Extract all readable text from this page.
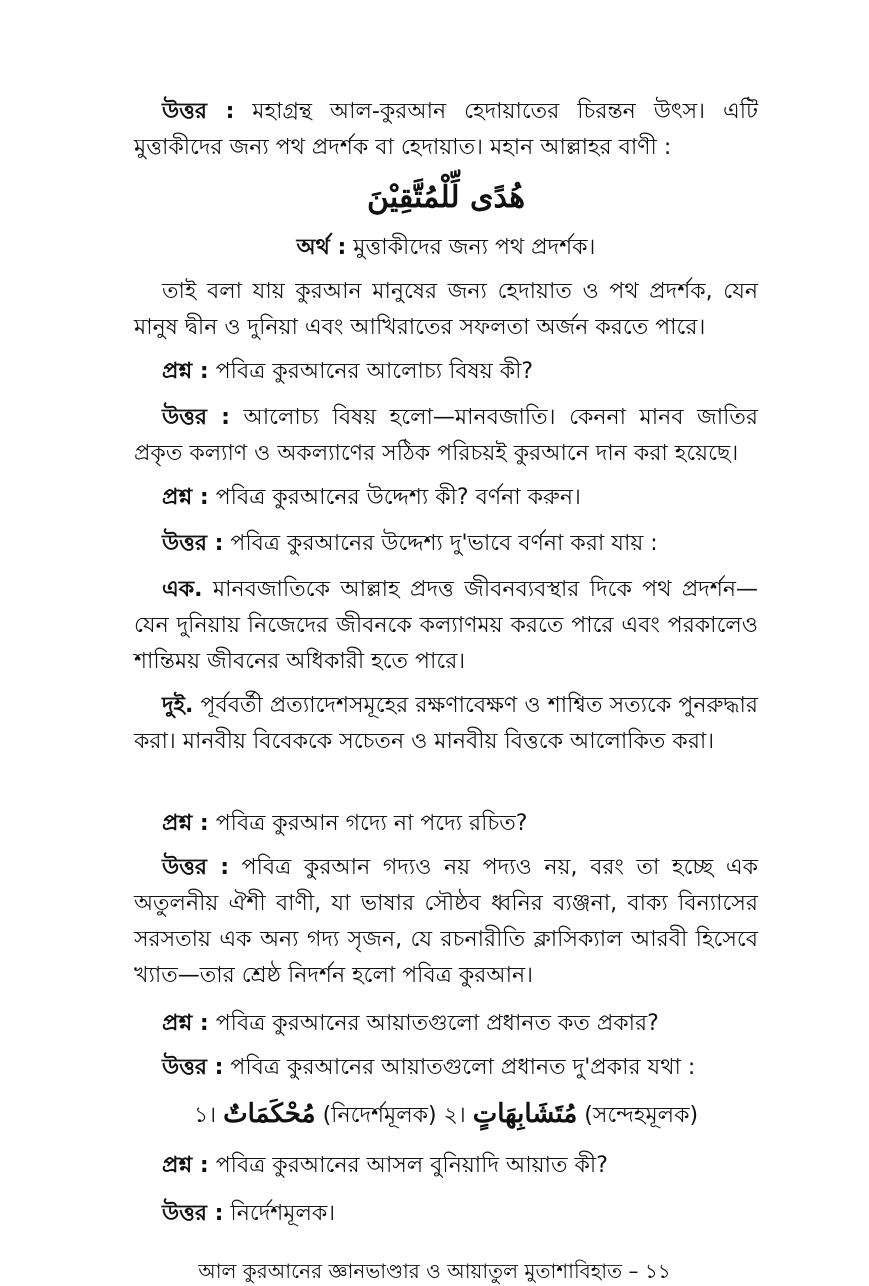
উত্তর : মহাগ্রন্থ আল-কুরআন হেদায়াতের চিরন্তন উৎস। এটি মুত্তাকীদের জন্য পথ প্রদর্শক বা হেদায়াত। মহান আল্লাহর বাণী :

هُدًى لِّلْمُتَّقِيْنَ

অর্থ : মুত্তাকীদের জন্য পথ প্রদর্শক।

তাই বলা যায় কুরআন মানুষের জন্য হেদায়াত ও পথ প্রদর্শক, যেন মানুষ দ্বীন ও দুনিয়া এবং আখিরাতের সফলতা অর্জন করতে পারে।

প্রশ্ন : পবিত্র কুরআনের আলোচ্য বিষয় কী?

উত্তর : আলোচ্য বিষয় হলো—মানবজাতি। কেননা মানব জাতির প্রকৃত কল্যাণ ও অকল্যাণের সঠিক পরিচয়ই কুরআনে দান করা হয়েছে।

প্রশ্ন : পবিত্র কুরআনের উদ্দেশ্য কী? বর্ণনা করুন।

উত্তর : পবিত্র কুরআনের উদ্দেশ্য দু'ভাবে বর্ণনা করা যায় :

এক. মানবজাতিকে আল্লাহ প্রদত্ত জীবনব্যবস্থার দিকে পথ প্রদর্শন—যেন দুনিয়ায় নিজেদের জীবনকে কল্যাণময় করতে পারে এবং পরকালেও শান্তিময় জীবনের অধিকারী হতে পারে।

দুই. পূর্ববর্তী প্রত্যাদেশসমূহের রক্ষণাবেক্ষণ ও শাশ্বিত সত্যকে পুনরুদ্ধার করা। মানবীয় বিবেককে সচেতন ও মানবীয় বিত্তকে আলোকিত করা।

প্রশ্ন : পবিত্র কুরআন গদ্যে না পদ্যে রচিত?

উত্তর : পবিত্র কুরআন গদ্যও নয় পদ্যও নয়, বরং তা হচ্ছে এক অতুলনীয় ঐশী বাণী, যা ভাষার সৌষ্ঠব ধ্বনির ব্যঞ্জনা, বাক্য বিন্যাসের সরসতায় এক অন্য গদ্য সৃজন, যে রচনারীতি ক্লাসিক্যাল আরবী হিসেবে খ্যাত—তার শ্রেষ্ঠ নিদর্শন হলো পবিত্র কুরআন।

প্রশ্ন : পবিত্র কুরআনের আয়াতগুলো প্রধানত কত প্রকার?

উত্তর : পবিত্র কুরআনের আয়াতগুলো প্রধানত দু'প্রকার যথা :

১। مُحْكَمَاتٌ (নিদের্শমূলক) ২। مُتَشَابِهَاتٍ (সন্দেহমূলক)

প্রশ্ন : পবিত্র কুরআনের আসল বুনিয়াদি আয়াত কী?

উত্তর : নির্দেশমূলক।

আল কুরআনের জ্ঞানভাণ্ডার ও আয়াতুল মুতাশাবিহাত – ১১
